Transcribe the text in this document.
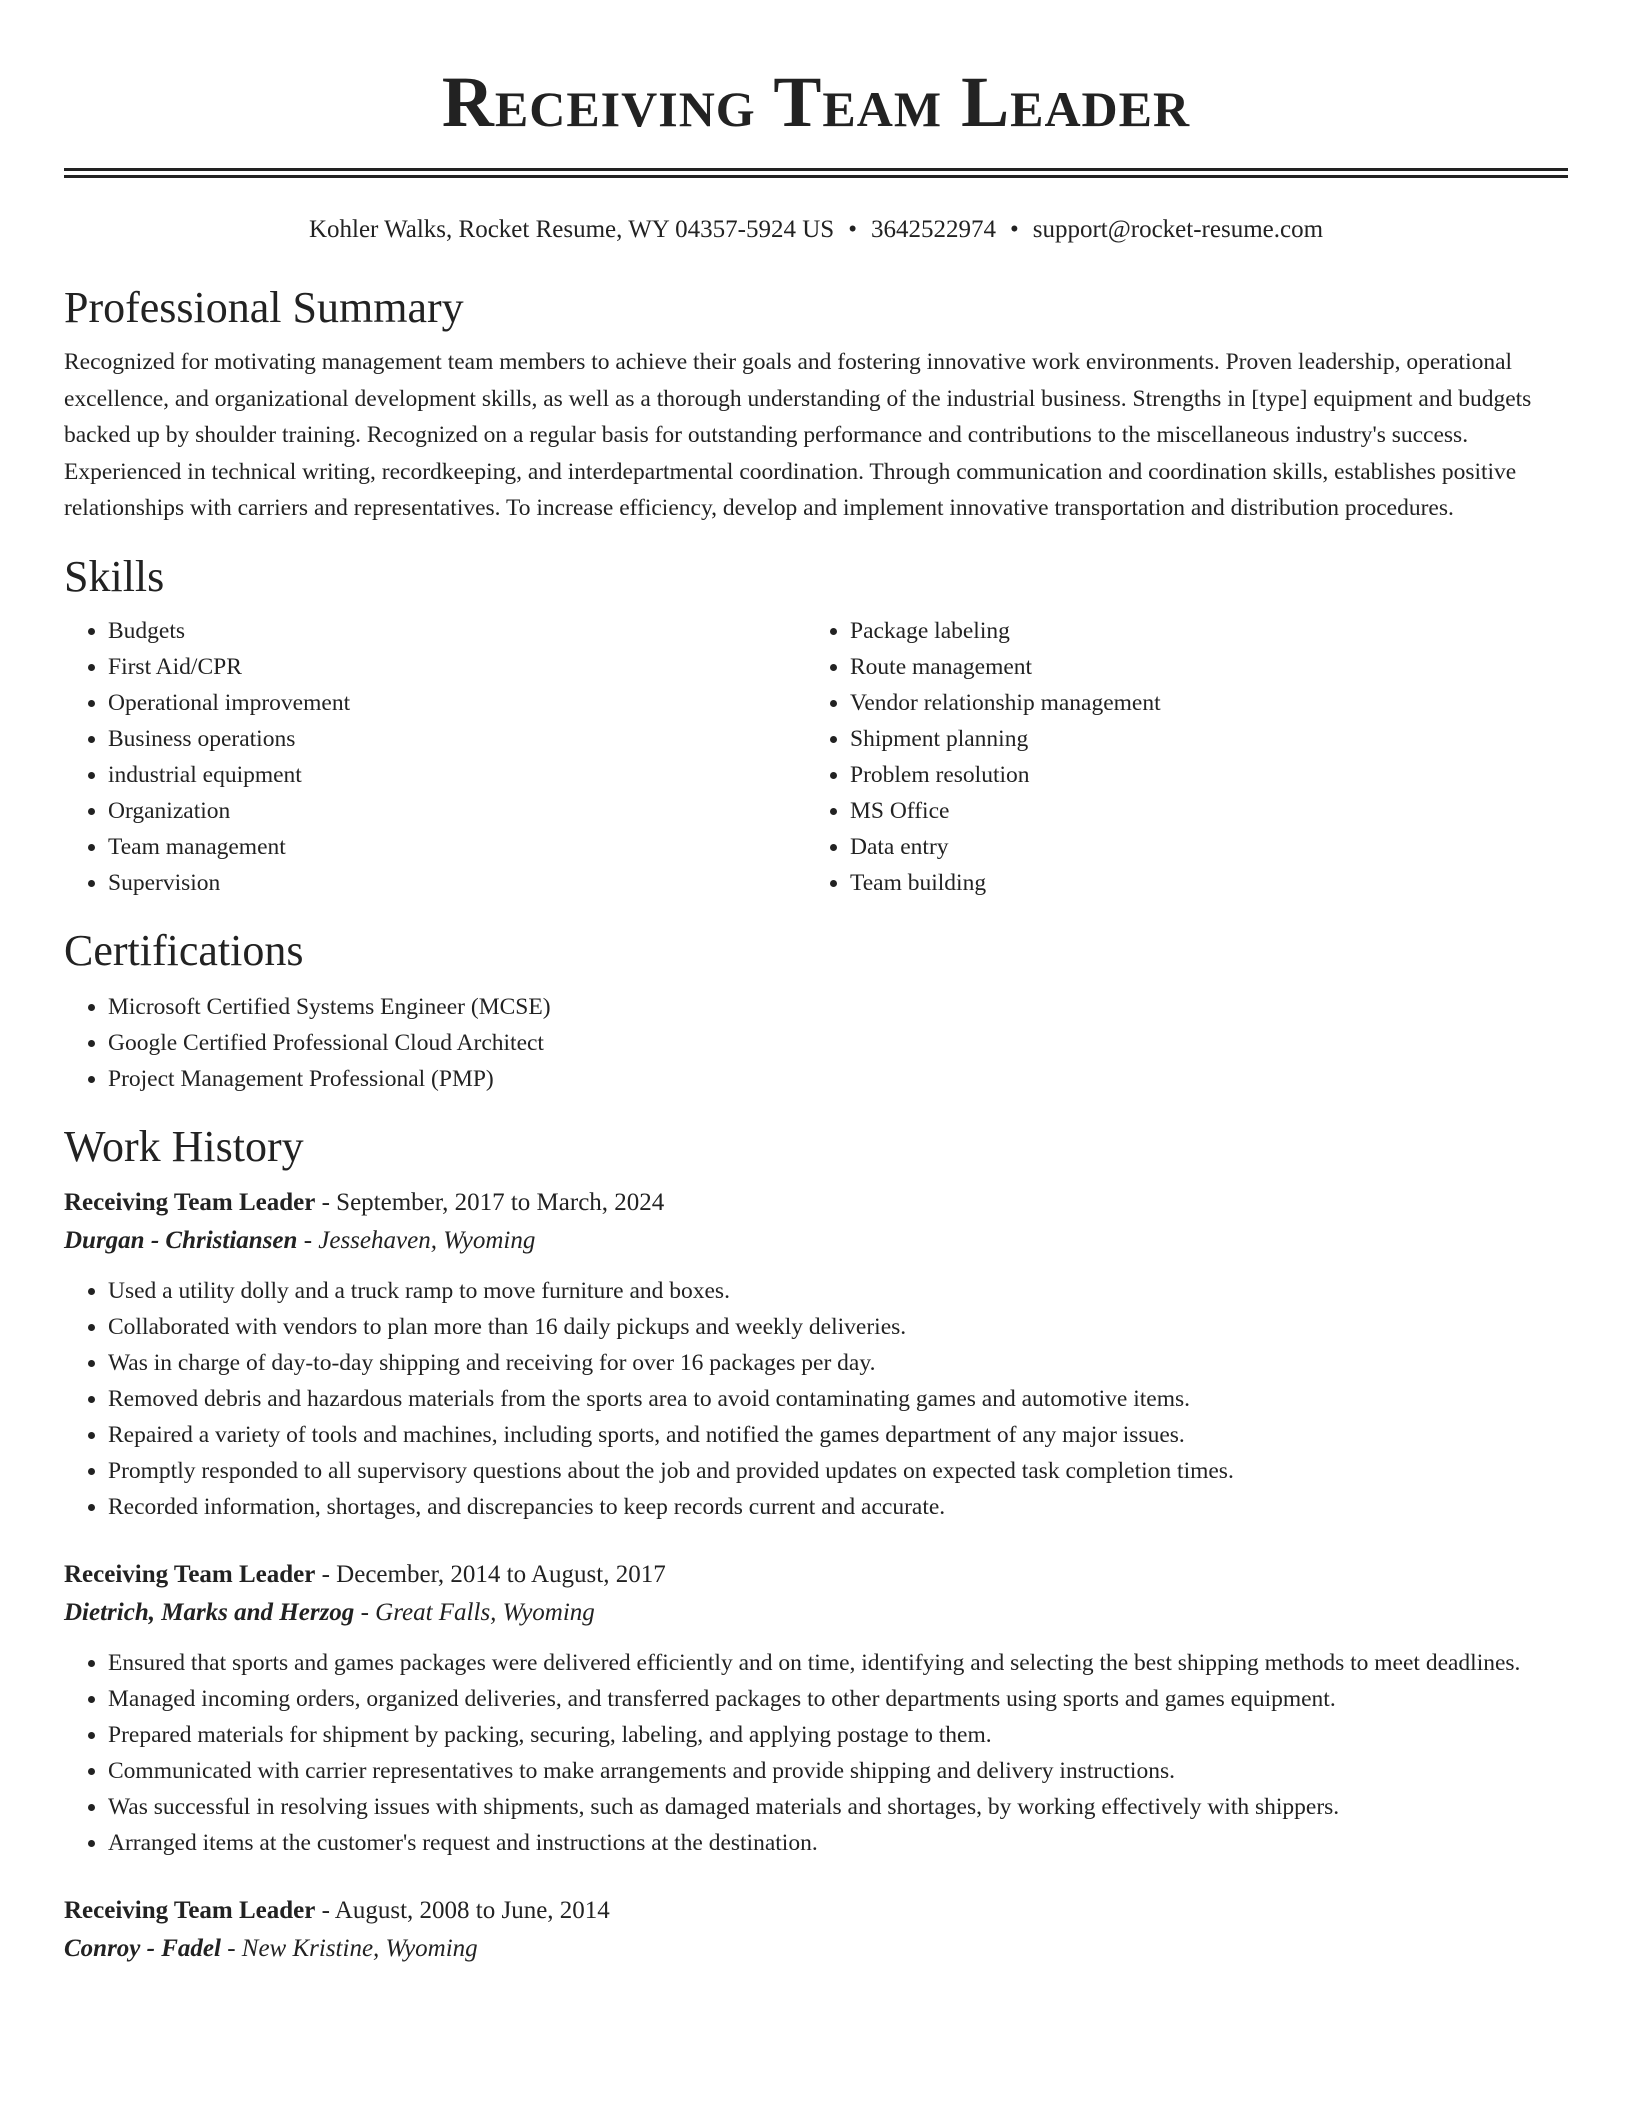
Receiving Team Leader
Kohler Walks, Rocket Resume, WY 04357-5924 US • 3642522974 • support@rocket-resume.com
Professional Summary

Recognized for motivating management team members to achieve their goals and fostering innovative work environments. Proven leadership, operational excellence, and organizational development skills, as well as a thorough understanding of the industrial business. Strengths in [type] equipment and budgets backed up by shoulder training. Recognized on a regular basis for outstanding performance and contributions to the miscellaneous industry's success. Experienced in technical writing, recordkeeping, and interdepartmental coordination. Through communication and coordination skills, establishes positive relationships with carriers and representatives. To increase efficiency, develop and implement innovative transportation and distribution procedures.

Skills
• Budgets
• First Aid/CPR
• Operational improvement
• Business operations
• industrial equipment
• Organization
• Team management
• Supervision
• Package labeling
• Route management
• Vendor relationship management
• Shipment planning
• Problem resolution
• MS Office
• Data entry
• Team building
Certifications
• Microsoft Certified Systems Engineer (MCSE)
• Google Certified Professional Cloud Architect
• Project Management Professional (PMP)
Work History

Receiving Team Leader - September, 2017 to March, 2024

Durgan - Christiansen - Jessehaven, Wyoming

• Used a utility dolly and a truck ramp to move furniture and boxes.
• Collaborated with vendors to plan more than 16 daily pickups and weekly deliveries.
• Was in charge of day-to-day shipping and receiving for over 16 packages per day.
• Removed debris and hazardous materials from the sports area to avoid contaminating games and automotive items.
• Repaired a variety of tools and machines, including sports, and notified the games department of any major issues.
• Promptly responded to all supervisory questions about the job and provided updates on expected task completion times.
• Recorded information, shortages, and discrepancies to keep records current and accurate.

Receiving Team Leader - December, 2014 to August, 2017

Dietrich, Marks and Herzog - Great Falls, Wyoming

• Ensured that sports and games packages were delivered efficiently and on time, identifying and selecting the best shipping methods to meet deadlines.
• Managed incoming orders, organized deliveries, and transferred packages to other departments using sports and games equipment.
• Prepared materials for shipment by packing, securing, labeling, and applying postage to them.
• Communicated with carrier representatives to make arrangements and provide shipping and delivery instructions.
• Was successful in resolving issues with shipments, such as damaged materials and shortages, by working effectively with shippers.
• Arranged items at the customer's request and instructions at the destination.

Receiving Team Leader - August, 2008 to June, 2014

Conroy - Fadel - New Kristine, Wyoming
